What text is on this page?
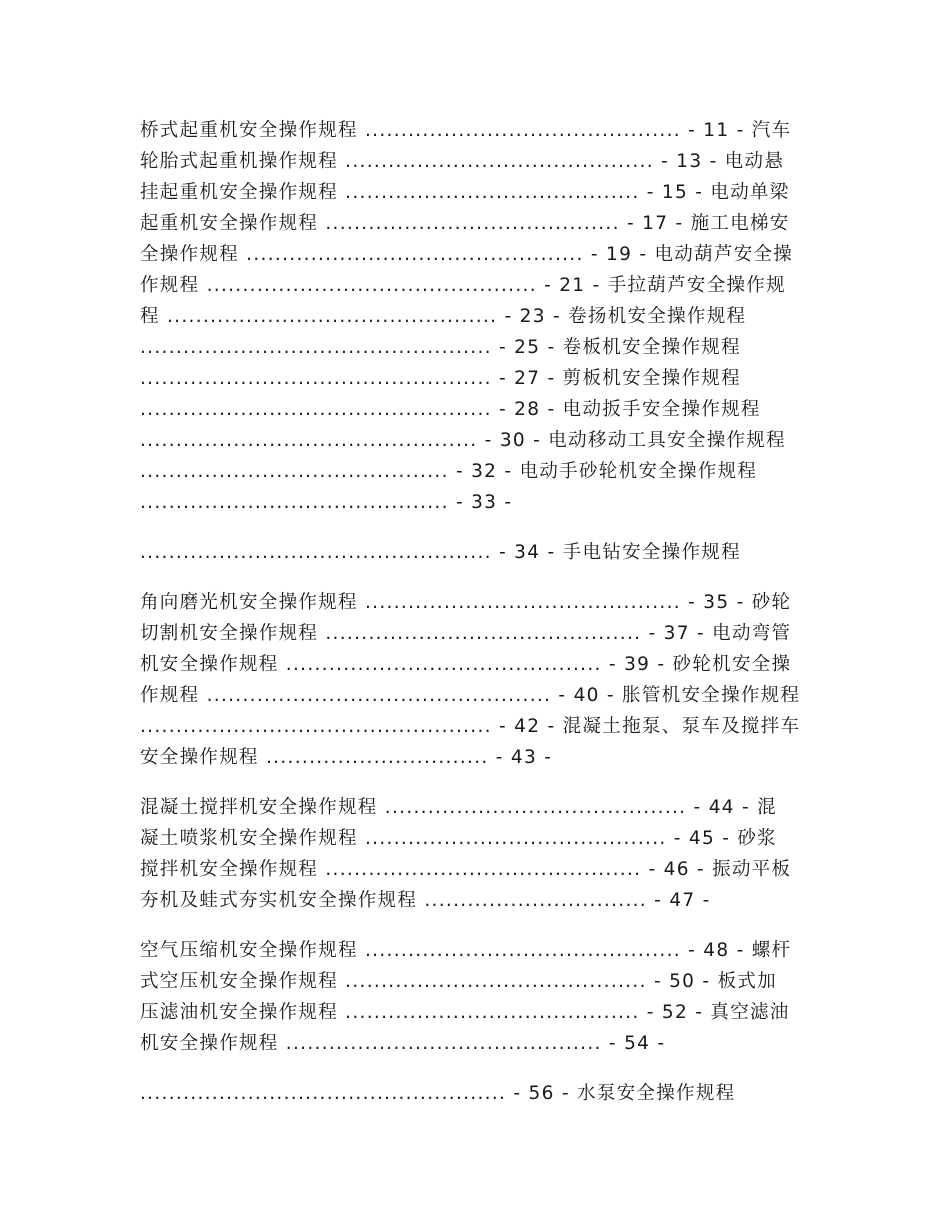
桥式起重机安全操作规程 ............................................ - 11 - 汽车
轮胎式起重机操作规程 ........................................... - 13 - 电动悬
挂起重机安全操作规程 ......................................... - 15 - 电动单梁
起重机安全操作规程 ......................................... - 17 - 施工电梯安
全操作规程 ............................................... - 19 - 电动葫芦安全操
作规程 .............................................. - 21 - 手拉葫芦安全操作规
程 .............................................. - 23 - 卷扬机安全操作规程
................................................. - 25 - 卷板机安全操作规程
................................................. - 27 - 剪板机安全操作规程
................................................. - 28 - 电动扳手安全操作规程
............................................... - 30 - 电动移动工具安全操作规程
........................................... - 32 - 电动手砂轮机安全操作规程
........................................... - 33 -
................................................. - 34 - 手电钻安全操作规程
角向磨光机安全操作规程 ............................................ - 35 - 砂轮
切割机安全操作规程 ............................................ - 37 - 电动弯管
机安全操作规程 ............................................ - 39 - 砂轮机安全操
作规程 ................................................ - 40 - 胀管机安全操作规程
................................................. - 42 - 混凝土拖泵、泵车及搅拌车
安全操作规程 ............................... - 43 -
混凝土搅拌机安全操作规程 .......................................... - 44 - 混
凝土喷浆机安全操作规程 .......................................... - 45 - 砂浆
搅拌机安全操作规程 ............................................ - 46 - 振动平板
夯机及蛙式夯实机安全操作规程 ............................... - 47 -
空气压缩机安全操作规程 ............................................ - 48 - 螺杆
式空压机安全操作规程 .......................................... - 50 - 板式加
压滤油机安全操作规程 ......................................... - 52 - 真空滤油
机安全操作规程 ............................................ - 54 -
................................................... - 56 - 水泵安全操作规程
